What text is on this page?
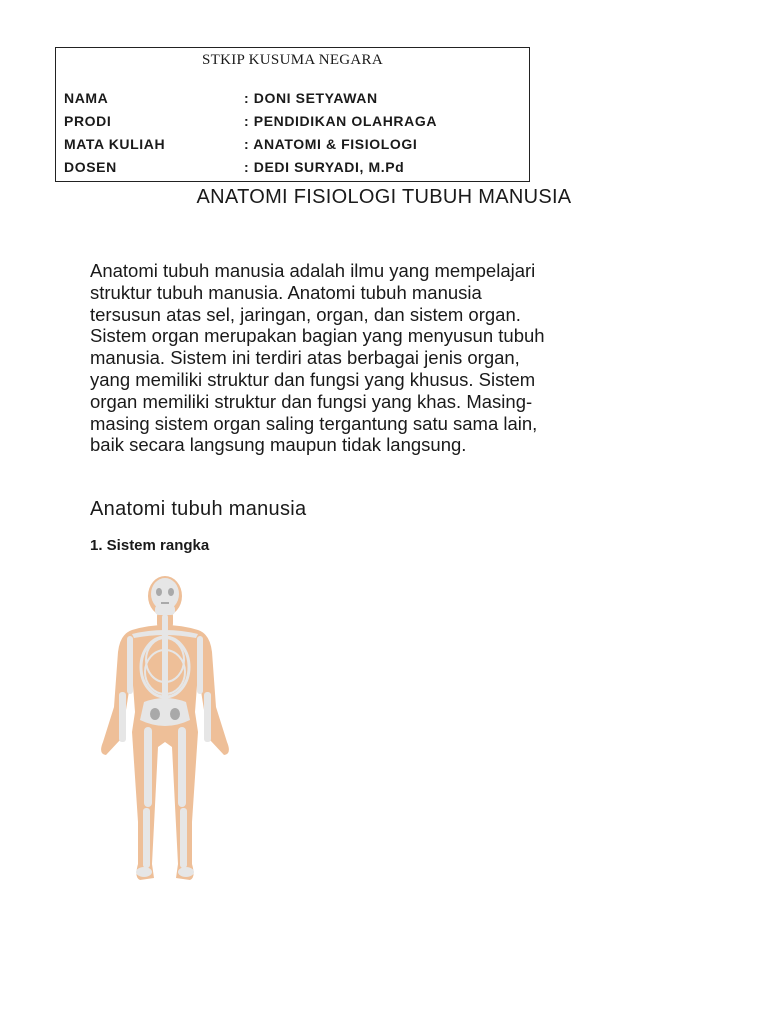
STKIP KUSUMA NEGARA
NAMA	: DONI SETYAWAN
PRODI	: PENDIDIKAN OLAHRAGA
MATA KULIAH	: ANATOMI & FISIOLOGI
DOSEN	: DEDI SURYADI, M.Pd
ANATOMI FISIOLOGI TUBUH MANUSIA

Anatomi tubuh manusia adalah ilmu yang mempelajari
struktur tubuh manusia. Anatomi tubuh manusia
tersusun atas sel, jaringan, organ, dan sistem organ.
Sistem organ merupakan bagian yang menyusun tubuh
manusia. Sistem ini terdiri atas berbagai jenis organ,
yang memiliki struktur dan fungsi yang khusus. Sistem
organ memiliki struktur dan fungsi yang khas. Masing-
masing sistem organ saling tergantung satu sama lain,
baik secara langsung maupun tidak langsung.

Anatomi tubuh manusia
1. Sistem rangka
